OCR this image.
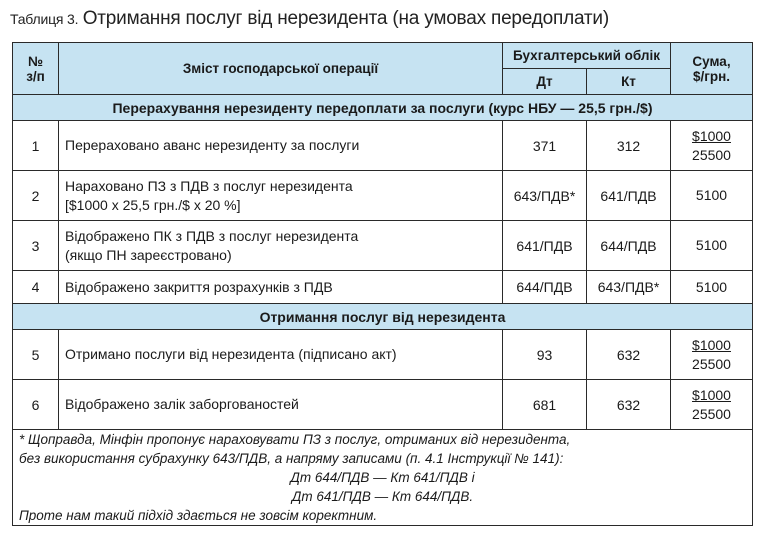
Таблиця 3. Отримання послуг від нерезидента (на умовах передоплати)
№
з/п	Зміст господарської операції	Бухгалтерський облік		Сума,
$/грн.
		Дт	Кт	
Перерахування нерезиденту передоплати за послуги (курс НБУ — 25,5 грн./$)				
1	Перераховано аванс нерезиденту за послуги	371	312	$1000
25500

2	Нараховано ПЗ з ПДВ з послуг нерезидента
[$1000 х 25,5 грн./$ х 20 %]	643/ПДВ*	641/ПДВ	5100

3	Відображено ПК з ПДВ з послуг нерезидента
(якщо ПН зареєстровано)	641/ПДВ	644/ПДВ	5100

4	Відображено закриття розрахунків з ПДВ	644/ПДВ	643/ПДВ*	5100

Отримання послуг від нерезидента				
5	Отримано послуги від нерезидента (підписано акт)	93	632	$1000
25500

6	Відображено залік заборгованостей	681	632	$1000
25500

* Щоправда, Мінфін пропонує нараховувати ПЗ з послуг, отриманих від нерезидента,
без використання субрахунку 643/ПДВ, а напряму записами (п. 4.1 Інструкції № 141):

Дт 644/ПДВ — Кт 641/ПДВ і
Дт 641/ПДВ — Кт 644/ПДВ.
Проте нам такий підхід здається не зовсім коректним.				
